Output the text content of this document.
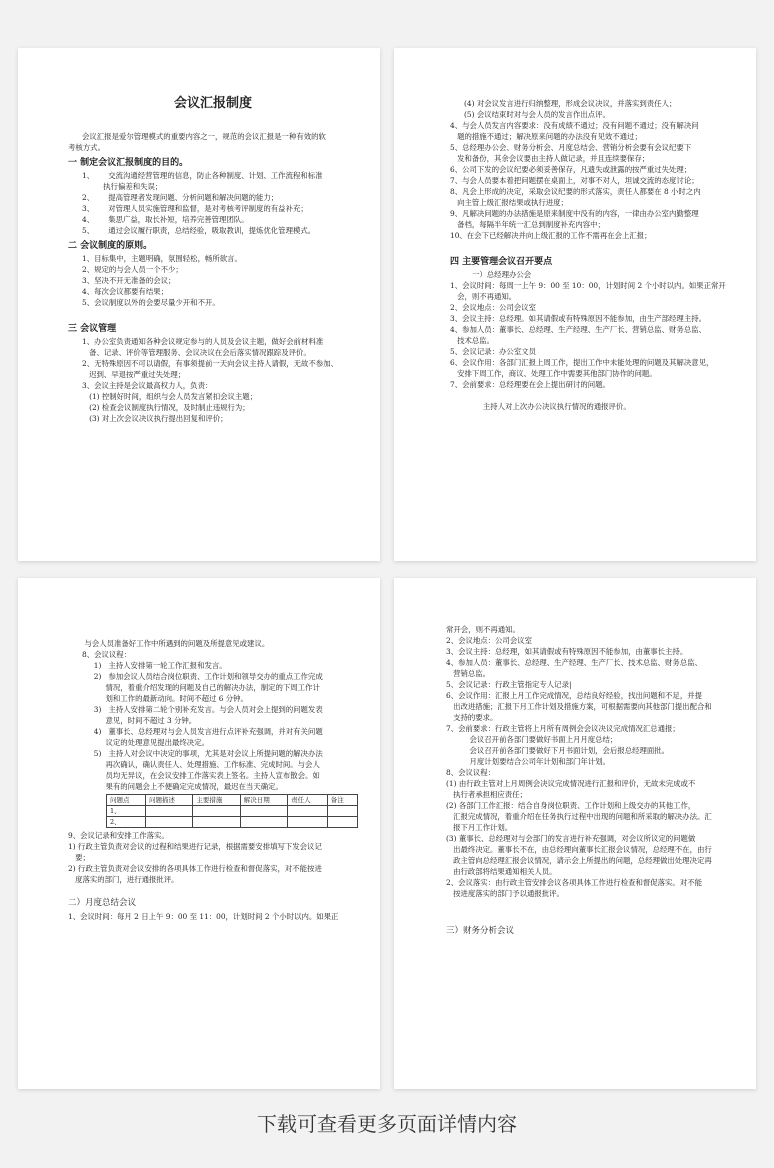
会议汇报制度
会议汇报是爱尔管理模式的重要内容之一，规范的会议汇报是一种有效的软
考核方式。
一 制定会议汇报制度的目的。
1、      交流沟通经营管理的信息，防止各种制度、计划、工作流程和标准
执行偏差和失误；
2、      提高管理者发现问题、分析问题和解决问题的能力；
3、      对管理人员实施管理和监督，是对考核考评制度的有益补充；
4、      集思广益，取长补短，培养完善管理团队。
5、      通过会议履行职责，总结经验，吸取教训，提炼优化管理模式。
二 会议制度的原则。
1、目标集中，主题明确，氛围轻松，畅所欲言。
2、规定的与会人员一个不少；
3、坚决不开无准备的会议；
4、每次会议都要有结果；
5、会议制度以外的会要尽量少开和不开。
三 会议管理
1、办公室负责通知各种会议规定参与的人员及会议主题，做好会前材料准
备、记录、评价等管理服务、会议决议在会后落实情况跟踪及评价。
2、无特殊原因不可以请假，有事须提前一天向会议主持人请假，无故不参加、
迟到、早退按严重过失处理；
3、会议主持是会议最高权力人，负责：
(1) 控制好时间，组织与会人员发言紧扣会议主题；
(2) 检查会议制度执行情况，及时制止违规行为；
(3) 对上次会议决议执行提出回复和评价；
(4) 对会议发言进行归纳整理，形成会议决议，并落实到责任人；
(5) 会议结束时对与会人员的发言作出点评。
4、与会人员发言内容要求：没有成绩不通过；没有问题不通过；没有解决问
题的措施不通过；解决原来问题的办法没有见效不通过；
5、总经理办公会、财务分析会、月度总结会、营销分析会要有会议纪要下
发和备份，其余会议要由主持人做记录，并且连续要保存；
6、公司下发的会议纪要必须妥善保存，凡遗失或泄露的按严重过失处理；
7、与会人员要本着把问题摆在桌面上，对事不对人，坦诚交流的态度讨论；
8、凡会上形成的决定，采取会议纪要的形式落实，责任人都要在 8 小时之内
向主管上级汇报结果或执行进度；
9、凡解决问题的办法措施是原来制度中没有的内容，一律由办公室内勤整理
备档，每隔半年统一汇总到制度补充内容中；
10、在会下已经解决并向上级汇报的工作不需再在会上汇报；
四 主要管理会议召开要点
一）总经理办公会
1、会议时间：每周一上午 9：00 至 10：00，计划时间 2 个小时以内。如果正常开
会，则不再通知。
2、会议地点：公司会议室
3、会议主持：总经理。如其请假或有特殊原因不能参加，由生产部经理主持。
4、参加人员：董事长、总经理、生产经理、生产厂长、营销总监、财务总监、
技术总监。
5、会议记录：办公室文员
6、会议作用：各部门汇报上周工作，提出工作中未能处理的问题及其解决意见，
安排下周工作，商议、处理工作中需要其他部门协作的问题。
7、会前要求：总经理要在会上提出研讨的问题。
主持人对上次办公决议执行情况的通报评价。
与会人员准备好工作中所遇到的问题及所提意见或建议。
8、会议议程：
1)   主持人安排第一轮工作汇报和发言。
2)   参加会议人员结合岗位职责、工作计划和领导交办的重点工作完成
情况，着重介绍发现的问题及自己的解决办法，制定的下周工作计
划和工作的最新动向。时间不超过 6 分钟。
3)   主持人安排第二轮个别补充发言。与会人员对会上提到的问题发表
意见，时间不超过 3 分钟。
4)   董事长、总经理对与会人员发言进行点评补充强调，并对有关问题
议定的处理意见提出最终决定。
5)   主持人对会议中决定的事项，尤其是对会议上所提问题的解决办法
再次确认，确认责任人、处理措施、工作标准、完成时间。与会人
员均无异议，在会议安排工作落实表上签名。主持人宣布散会。如
果有的问题会上不便确定完成情况，最迟在当天确定。
问题点	问题描述	主要措施	解决日期	责任人	备注
1、					
2、					
9、会议记录和安排工作落实。
1) 行政主管负责对会议的过程和结果进行记录，根据需要安排填写下发会议记
要；
2) 行政主管负责对会议安排的各项具体工作进行检查和督促落实，对不能按进
度落实的部门，进行通报批评。
二）月度总结会议
1、会议时间：每月 2 日上午 9：00 至 11：00，计划时间 2 个小时以内。如果正
常开会，则不再通知。
2、会议地点：公司会议室
3、会议主持：总经理，如其请假或有特殊原因不能参加，由董事长主持。
4、参加人员：董事长、总经理、生产经理、生产厂长、技术总监、财务总监、
营销总监。
5、会议记录：行政主管指定专人记录|
6、会议作用：汇报上月工作完成情况，总结良好经验，找出问题和不足，并提
出改进措施；汇报下月工作计划及措施方案，可根据需要向其他部门提出配合和
支持的要求。
7、会前要求：行政主管将上月所有周例会会议决议完成情况汇总通报；
会议召开前各部门要做好书面上月月度总结；
会议召开前各部门要做好下月书面计划，会后报总经理面批。
月度计划要结合公司年计划和部门年计划。
8、会议议程：
(1) 由行政主管对上月周例会决议完成情况进行汇报和评价，无故未完成或不
执行者承担相应责任；
(2) 各部门工作汇报：结合自身岗位职责、工作计划和上级交办的其他工作，
汇报完成情况，着重介绍在任务执行过程中出现的问题和所采取的解决办法。汇
报下月工作计划。
(3) 董事长、总经理对与会部门的发言进行补充强调，对会议所议定的问题做
出最终决定。董事长不在，由总经理向董事长汇报会议情况，总经理不在，由行
政主管向总经理汇报会议情况，请示会上所提出的问题，总经理做出处理决定再
由行政部将结果通知相关人员。
2、会议落实：由行政主管安排会议各项具体工作进行检查和督促落实。对不能
按进度落实的部门予以通报批评。
三）财务分析会议
下载可查看更多页面详情内容
